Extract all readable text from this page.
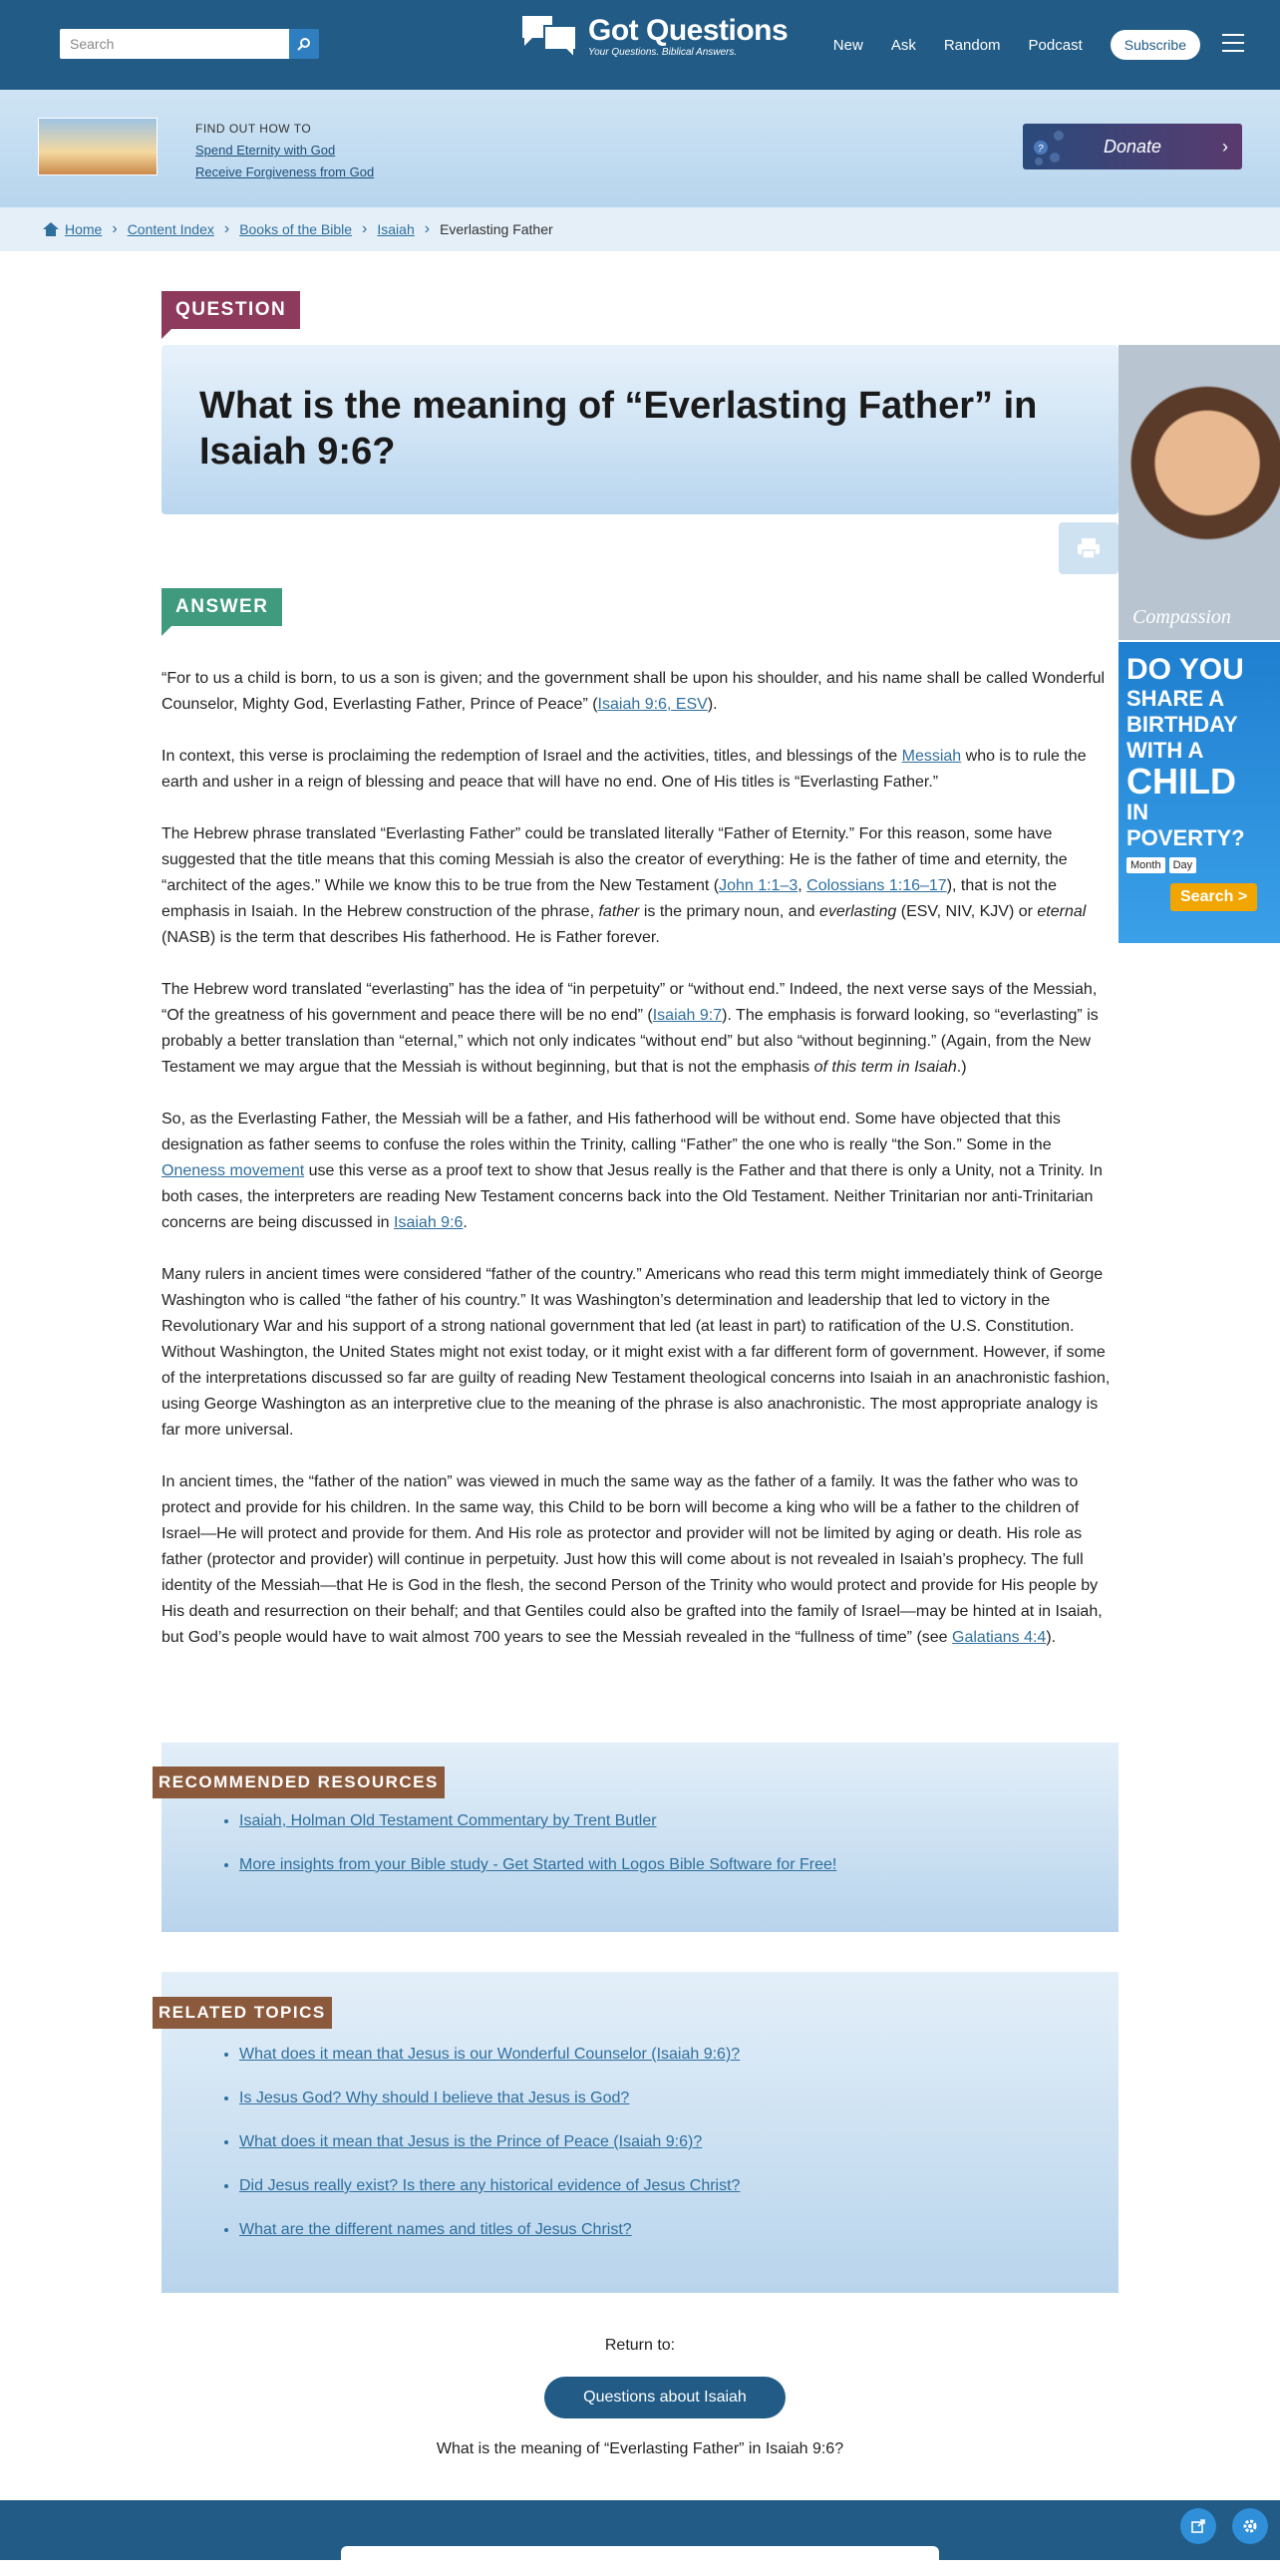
Search
Got Questions
Your Questions. Biblical Answers.	New Ask Random Podcast	Subscribe
FIND OUT HOW TO
Spend Eternity with God
Receive Forgiveness from God
?	Donate	›
Home › Content Index › Books of the Bible › Isaiah › Everlasting Father
QUESTION
What is the meaning of “Everlasting Father” in Isaiah 9:6?
ANSWER

“For to us a child is born, to us a son is given; and the government shall be upon his shoulder, and his name shall be called Wonderful Counselor, Mighty God, Everlasting Father, Prince of Peace” (Isaiah 9:6, ESV).

In context, this verse is proclaiming the redemption of Israel and the activities, titles, and blessings of the Messiah who is to rule the earth and usher in a reign of blessing and peace that will have no end. One of His titles is “Everlasting Father.”

The Hebrew phrase translated “Everlasting Father” could be translated literally “Father of Eternity.” For this reason, some have suggested that the title means that this coming Messiah is also the creator of everything: He is the father of time and eternity, the “architect of the ages.” While we know this to be true from the New Testament (John 1:1–3, Colossians 1:16–17), that is not the emphasis in Isaiah. In the Hebrew construction of the phrase, father is the primary noun, and everlasting (ESV, NIV, KJV) or eternal (NASB) is the term that describes His fatherhood. He is Father forever.

The Hebrew word translated “everlasting” has the idea of “in perpetuity” or “without end.” Indeed, the next verse says of the Messiah, “Of the greatness of his government and peace there will be no end” (Isaiah 9:7). The emphasis is forward looking, so “everlasting” is probably a better translation than “eternal,” which not only indicates “without end” but also “without beginning.” (Again, from the New Testament we may argue that the Messiah is without beginning, but that is not the emphasis of this term in Isaiah.)

So, as the Everlasting Father, the Messiah will be a father, and His fatherhood will be without end. Some have objected that this designation as father seems to confuse the roles within the Trinity, calling “Father” the one who is really “the Son.” Some in the Oneness movement use this verse as a proof text to show that Jesus really is the Father and that there is only a Unity, not a Trinity. In both cases, the interpreters are reading New Testament concerns back into the Old Testament. Neither Trinitarian nor anti-Trinitarian concerns are being discussed in Isaiah 9:6.

Many rulers in ancient times were considered “father of the country.” Americans who read this term might immediately think of George Washington who is called “the father of his country.” It was Washington’s determination and leadership that led to victory in the Revolutionary War and his support of a strong national government that led (at least in part) to ratification of the U.S. Constitution. Without Washington, the United States might not exist today, or it might exist with a far different form of government. However, if some of the interpretations discussed so far are guilty of reading New Testament theological concerns into Isaiah in an anachronistic fashion, using George Washington as an interpretive clue to the meaning of the phrase is also anachronistic. The most appropriate analogy is far more universal.

In ancient times, the “father of the nation” was viewed in much the same way as the father of a family. It was the father who was to protect and provide for his children. In the same way, this Child to be born will become a king who will be a father to the children of Israel—He will protect and provide for them. And His role as protector and provider will not be limited by aging or death. His role as father (protector and provider) will continue in perpetuity. Just how this will come about is not revealed in Isaiah’s prophecy. The full identity of the Messiah—that He is God in the flesh, the second Person of the Trinity who would protect and provide for His people by His death and resurrection on their behalf; and that Gentiles could also be grafted into the family of Israel—may be hinted at in Isaiah, but God’s people would have to wait almost 700 years to see the Messiah revealed in the “fullness of time” (see Galatians 4:4).

Compassion
DO YOU
SHARE A
BIRTHDAY
WITH A
CHILD
IN POVERTY?
Month	Day
Search >
• Isaiah, Holman Old Testament Commentary by Trent Butler
• More insights from your Bible study - Get Started with Logos Bible Software for Free!
RECOMMENDED RESOURCES
• What does it mean that Jesus is our Wonderful Counselor (Isaiah 9:6)?
• Is Jesus God? Why should I believe that Jesus is God?
• What does it mean that Jesus is the Prince of Peace (Isaiah 9:6)?
• Did Jesus really exist? Is there any historical evidence of Jesus Christ?
• What are the different names and titles of Jesus Christ?
RELATED TOPICS
Return to:
Questions about Isaiah
What is the meaning of “Everlasting Father” in Isaiah 9:6?
